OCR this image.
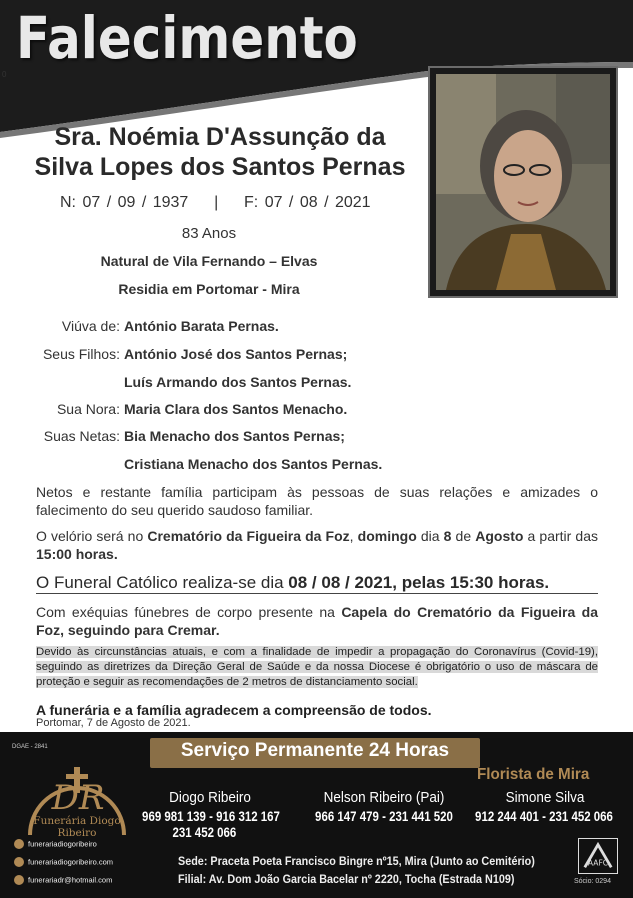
Falecimento
0
Sra. Noémia D'Assunção da
Silva Lopes dos Santos Pernas
N: 07 / 09 / 1937    |    F: 07 / 08 / 2021
83 Anos
Natural de Vila Fernando – Elvas
Residia em Portomar - Mira
Viúva de: António Barata Pernas.
Seus Filhos: António José dos Santos Pernas;
Luís Armando dos Santos Pernas.
Sua Nora: Maria Clara dos Santos Menacho.
Suas Netas: Bia Menacho dos Santos Pernas;
Cristiana Menacho dos Santos Pernas.
Netos e restante família participam às pessoas de suas relações e amizades o falecimento do seu querido saudoso familiar.
O velório será no Crematório da Figueira da Foz, domingo dia 8 de Agosto a partir das 15:00 horas.
O Funeral Católico realiza-se dia 08 / 08 / 2021, pelas 15:30 horas.
Com exéquias fúnebres de corpo presente na Capela do Crematório da Figueira da Foz, seguindo para Cremar.
Devido às circunstâncias atuais, e com a finalidade de impedir a propagação do Coronavírus (Covid-19), seguindo as diretrizes da Direção Geral de Saúde e da nossa Diocese é obrigatório o uso de máscara de proteção e seguir as recomendações de 2 metros de distanciamento social.
A funerária e a família agradecem a compreensão de todos.
Portomar, 7 de Agosto de 2021.
DGAE - 2841	Serviço Permanente 24 Horas
DR
Funerária Diogo Ribeiro
funerariadiogoribeiro
funerariadiogoribeiro.com
funerariadr@hotmail.com
Diogo Ribeiro
969 981 139 - 916 312 167
231 452 066
Nelson Ribeiro (Pai)
966 147 479 - 231 441 520
Florista de Mira
Simone Silva
912 244 401 - 231 452 066
Sede: Praceta Poeta Francisco Bingre nº15, Mira (Junto ao Cemitério)
Filial: Av. Dom João Garcia Bacelar nº 2220, Tocha (Estrada N109)
AAFC
Sócio: 0294
